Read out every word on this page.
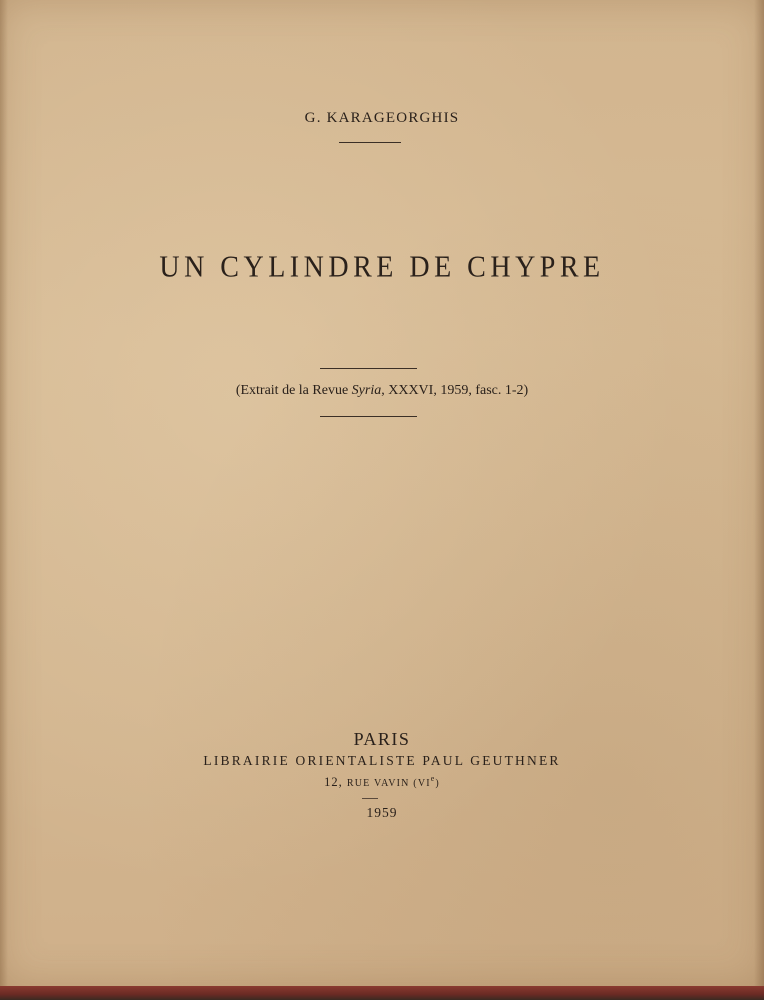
G. KARAGEORGHIS
UN CYLINDRE DE CHYPRE
(Extrait de la Revue Syria, XXXVI, 1959, fasc. 1-2)
PARIS
LIBRAIRIE ORIENTALISTE PAUL GEUTHNER
12, RUE VAVIN (VIe)
1959
